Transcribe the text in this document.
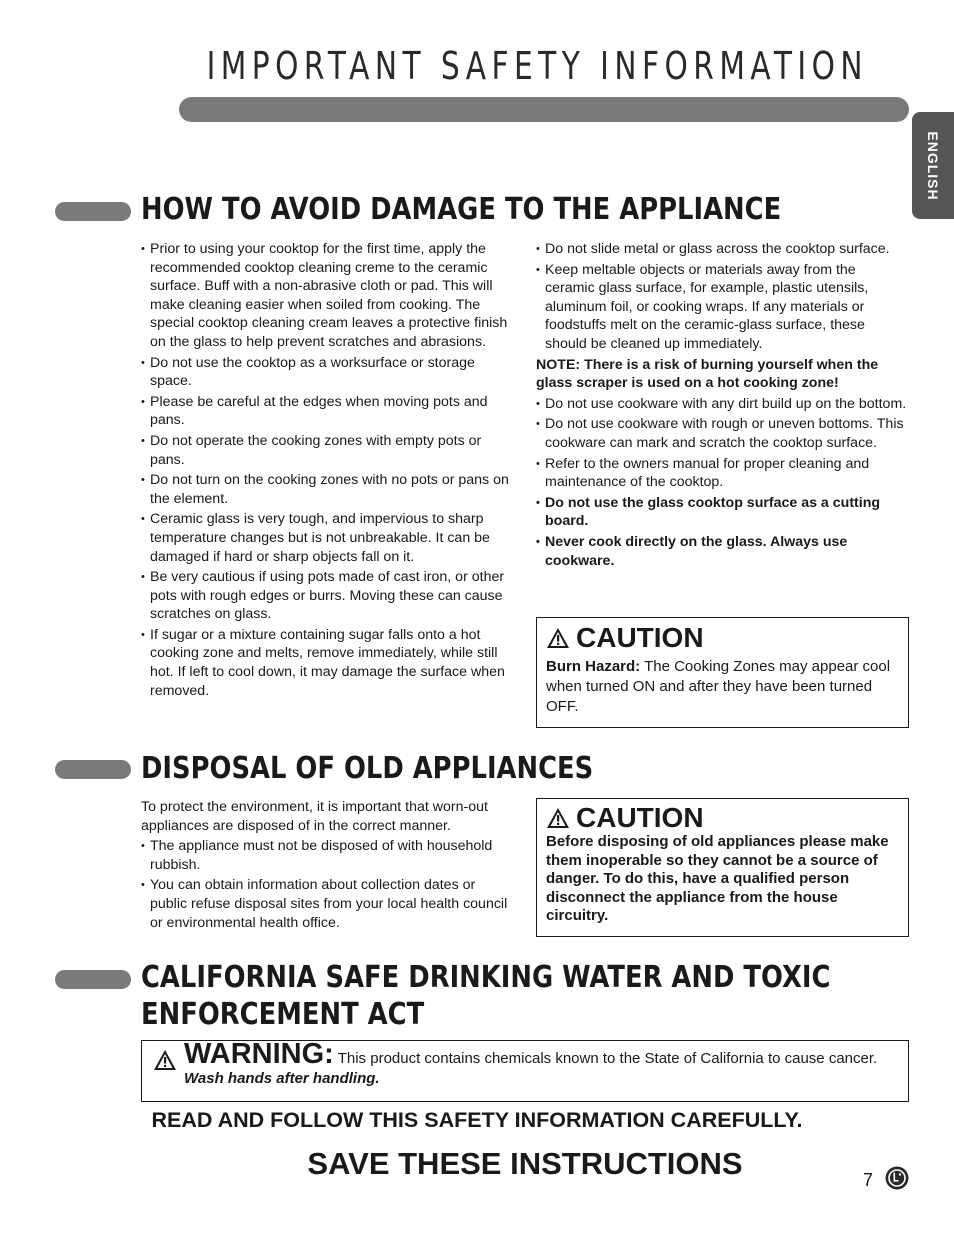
IMPORTANT SAFETY INFORMATION
ENGLISH
HOW TO AVOID DAMAGE TO THE APPLIANCE
• Prior to using your cooktop for the first time, apply the recommended cooktop cleaning creme to the ceramic surface. Buff with a non-abrasive cloth or pad. This will make cleaning easier when soiled from cooking. The special cooktop cleaning cream leaves a protective finish on the glass to help prevent scratches and abrasions.
• Do not use the cooktop as a worksurface or storage space.
• Please be careful at the edges when moving pots and pans.
• Do not operate the cooking zones with empty pots or pans.
• Do not turn on the cooking zones with no pots or pans on the element.
• Ceramic glass is very tough, and impervious to sharp temperature changes but is not unbreakable. It can be damaged if hard or sharp objects fall on it.
• Be very cautious if using pots made of cast iron, or other pots with rough edges or burrs. Moving these can cause scratches on glass.
• If sugar or a mixture containing sugar falls onto a hot cooking zone and melts, remove immediately, while still hot. If left to cool down, it may damage the surface when removed.
• Do not slide metal or glass across the cooktop surface.
• Keep meltable objects or materials away from the ceramic glass surface, for example, plastic utensils, aluminum foil, or cooking wraps. If any materials or foodstuffs melt on the ceramic-glass surface, these should be cleaned up immediately.

NOTE: There is a risk of burning yourself when the glass scraper is used on a hot cooking zone!

• Do not use cookware with any dirt build up on the bottom.
• Do not use cookware with rough or uneven bottoms. This cookware can mark and scratch the cooktop surface.
• Refer to the owners manual for proper cleaning and maintenance of the cooktop.
• Do not use the glass cooktop surface as a cutting board.
• Never cook directly on the glass. Always use cookware.
CAUTION
Burn Hazard: The Cooking Zones may appear cool when turned ON and after they have been turned OFF.
DISPOSAL OF OLD APPLIANCES

To protect the environment, it is important that worn-out appliances are disposed of in the correct manner.

• The appliance must not be disposed of with household rubbish.
• You can obtain information about collection dates or public refuse disposal sites from your local health council or environmental health office.
CAUTION
Before disposing of old appliances please make them inoperable so they cannot be a source of danger. To do this, have a qualified person disconnect the appliance from the house circuitry.
CALIFORNIA SAFE DRINKING WATER AND TOXIC
ENFORCEMENT ACT
WARNING: This product contains chemicals known to the State of California to cause cancer. Wash hands after handling.
READ AND FOLLOW THIS SAFETY INFORMATION CAREFULLY.
SAVE THESE INSTRUCTIONS	7
